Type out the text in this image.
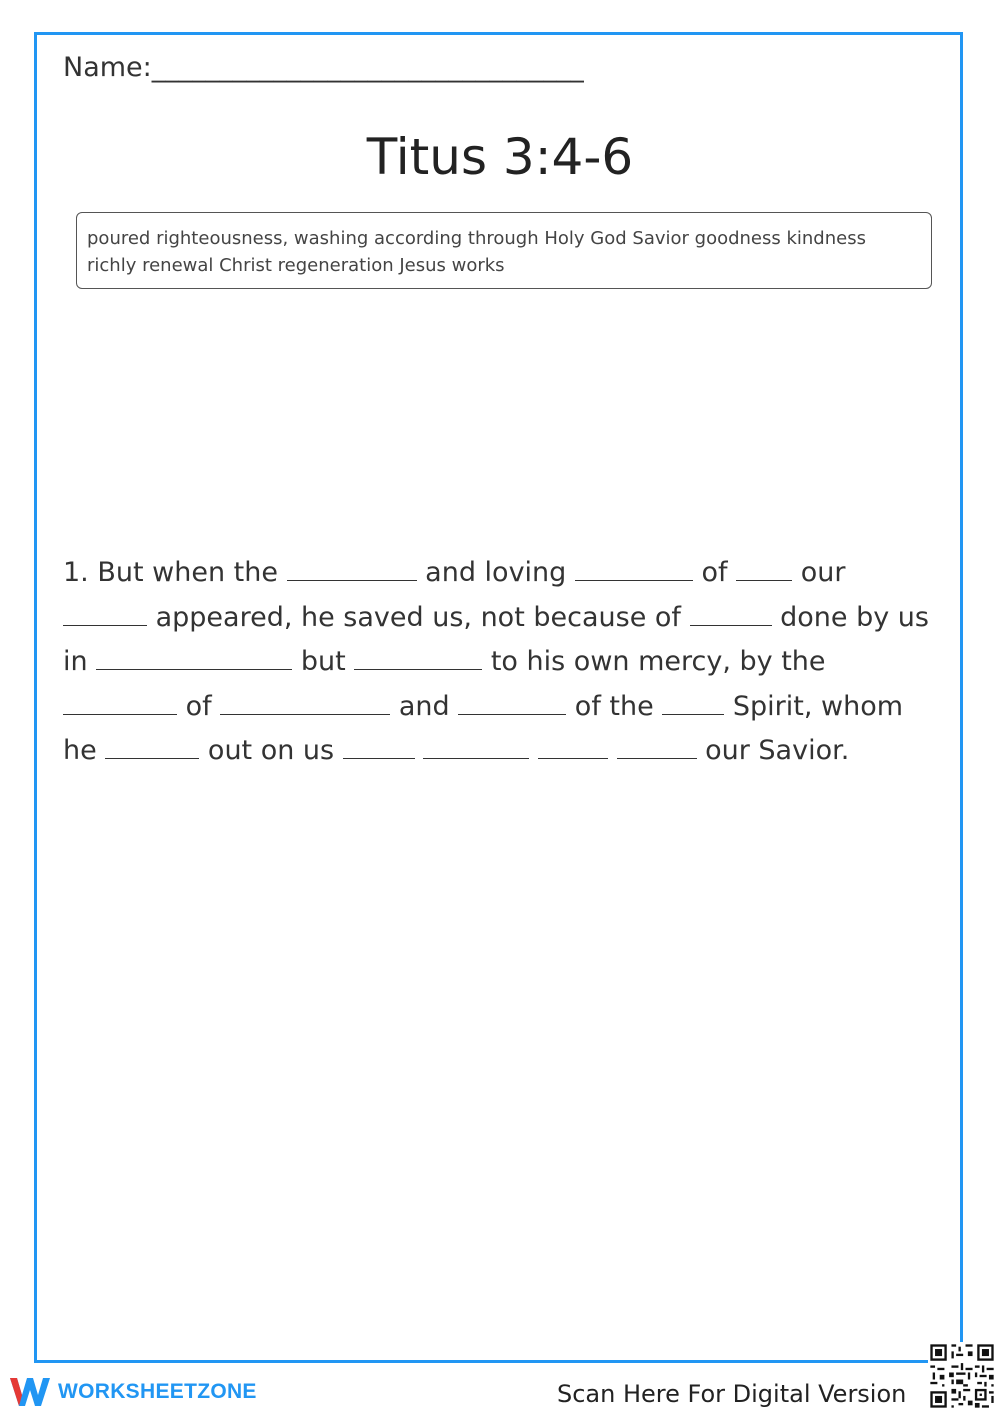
Name:________________________________
Titus 3:4-6
poured righteousness, washing according through Holy God Savior goodness kindness richly renewal Christ regeneration Jesus works
1. But when the	and loving	of	our
appeared, he saved us, not because of	done by us
in	but	to his own mercy, by the
of	and	of the	Spirit, whom
he	out on us	our Savior.
WORKSHEETZONE	Scan Here For Digital Version
